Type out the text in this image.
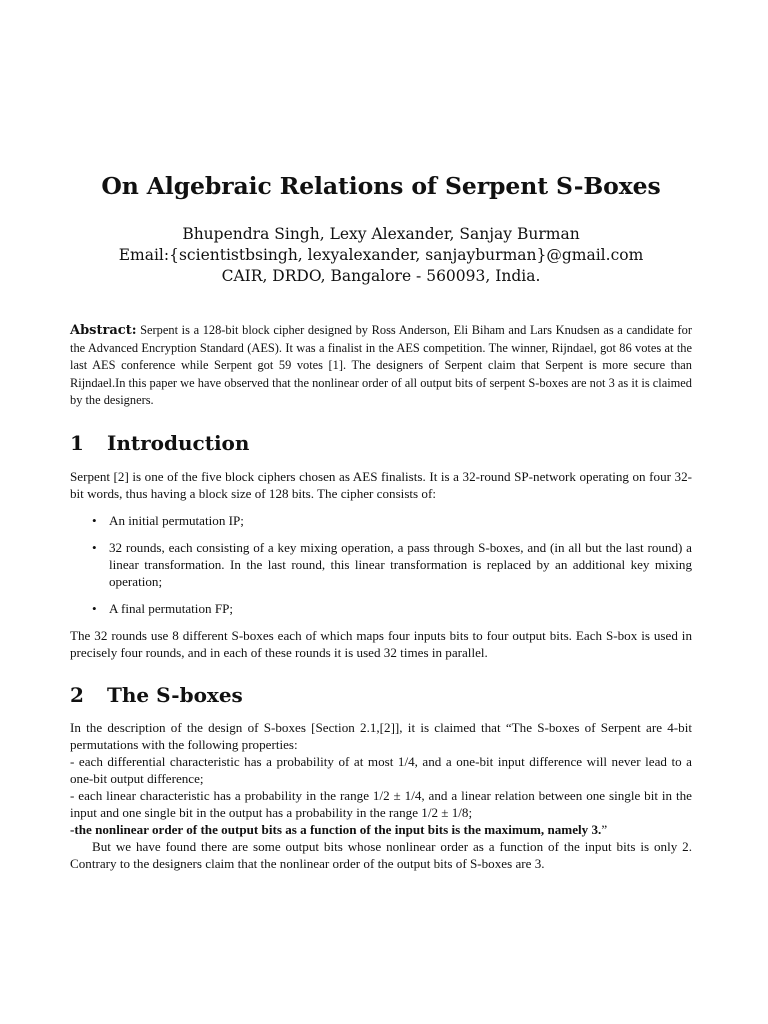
On Algebraic Relations of Serpent S-Boxes
Bhupendra Singh, Lexy Alexander, Sanjay Burman
Email:{scientistbsingh, lexyalexander, sanjayburman}@gmail.com
CAIR, DRDO, Bangalore - 560093, India.
Abstract: Serpent is a 128-bit block cipher designed by Ross Anderson, Eli Biham and Lars Knudsen as a candidate for the Advanced Encryption Standard (AES). It was a finalist in the AES competition. The winner, Rijndael, got 86 votes at the last AES conference while Serpent got 59 votes [1]. The designers of Serpent claim that Serpent is more secure than Rijndael.In this paper we have observed that the nonlinear order of all output bits of serpent S-boxes are not 3 as it is claimed by the designers.
1 Introduction

Serpent [2] is one of the five block ciphers chosen as AES finalists. It is a 32-round SP-network operating on four 32-bit words, thus having a block size of 128 bits. The cipher consists of:

• An initial permutation IP;
• 32 rounds, each consisting of a key mixing operation, a pass through S-boxes, and (in all but the last round) a linear transformation. In the last round, this linear transformation is replaced by an additional key mixing operation;
• A final permutation FP;

The 32 rounds use 8 different S-boxes each of which maps four inputs bits to four output bits. Each S-box is used in precisely four rounds, and in each of these rounds it is used 32 times in parallel.

2 The S-boxes
In the description of the design of S-boxes [Section 2.1,[2]], it is claimed that “The S-boxes of Serpent are 4-bit permutations with the following properties:
- each differential characteristic has a probability of at most 1/4, and a one-bit input difference will never lead to a one-bit output difference;
- each linear characteristic has a probability in the range 1/2 ± 1/4, and a linear relation between one single bit in the input and one single bit in the output has a probability in the range 1/2 ± 1/8;
-the nonlinear order of the output bits as a function of the input bits is the maximum, namely 3.”
But we have found there are some output bits whose nonlinear order as a function of the input bits is only 2. Contrary to the designers claim that the nonlinear order of the output bits of S-boxes are 3.
